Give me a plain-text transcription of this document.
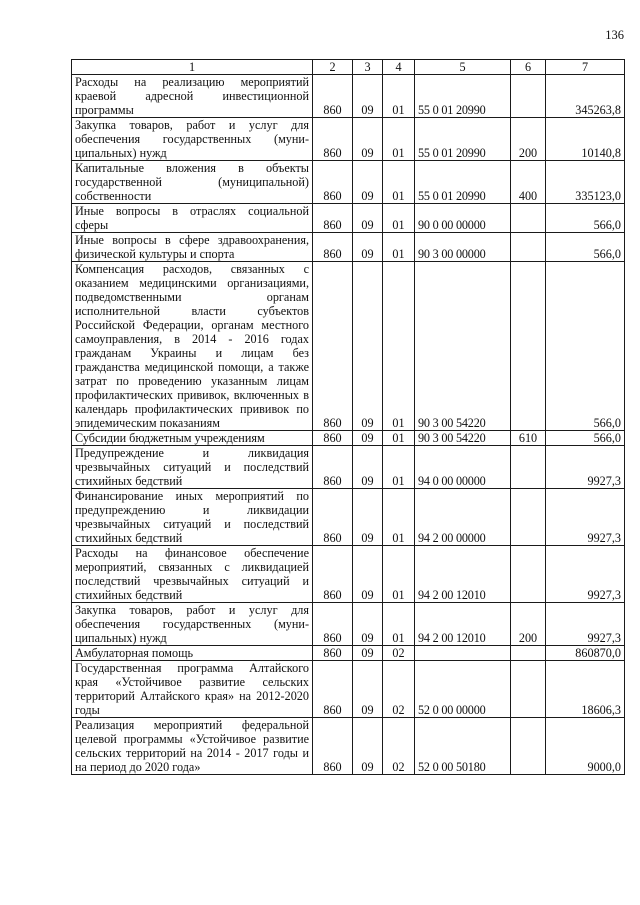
136
1	2	3	4	5	6	7
Расходы на реализацию мероприятий краевой адресной инвестиционной программы	860	09	01	55 0 01 20990		345263,8
Закупка товаров, работ и услуг для обеспечения государственных (муниципальных) нужд	860	09	01	55 0 01 20990	200	10140,8
Капитальные вложения в объекты государственной (муниципальной) собственности	860	09	01	55 0 01 20990	400	335123,0
Иные вопросы в отраслях социальной сферы	860	09	01	90 0 00 00000		566,0
Иные вопросы в сфере здравоохранения, физической культуры и спорта	860	09	01	90 3 00 00000		566,0
Компенсация расходов, связанных с оказанием медицинскими организациями, подведомственными органам исполнительной власти субъектов Российской Федерации, органам местного самоуправления, в 2014 - 2016 годах гражданам Украины и лицам без гражданства медицинской помощи, а также затрат по проведению указанным лицам профилактических прививок, включенных в календарь профилактических прививок по эпидемическим показаниям	860	09	01	90 3 00 54220		566,0
Субсидии бюджетным учреждениям	860	09	01	90 3 00 54220	610	566,0
Предупреждение и ликвидация чрезвычайных ситуаций и последствий стихийных бедствий	860	09	01	94 0 00 00000		9927,3
Финансирование иных мероприятий по предупреждению и ликвидации чрезвычайных ситуаций и последствий стихийных бедствий	860	09	01	94 2 00 00000		9927,3
Расходы на финансовое обеспечение мероприятий, связанных с ликвидацией последствий чрезвычайных ситуаций и стихийных бедствий	860	09	01	94 2 00 12010		9927,3
Закупка товаров, работ и услуг для обеспечения государственных (муниципальных) нужд	860	09	01	94 2 00 12010	200	9927,3
Амбулаторная помощь	860	09	02			860870,0
Государственная программа Алтайского края «Устойчивое развитие сельских территорий Алтайского края» на 2012-2020 годы	860	09	02	52 0 00 00000		18606,3
Реализация мероприятий федеральной целевой программы «Устойчивое развитие сельских территорий на 2014 - 2017 годы и на период до 2020 года»	860	09	02	52 0 00 50180		9000,0
